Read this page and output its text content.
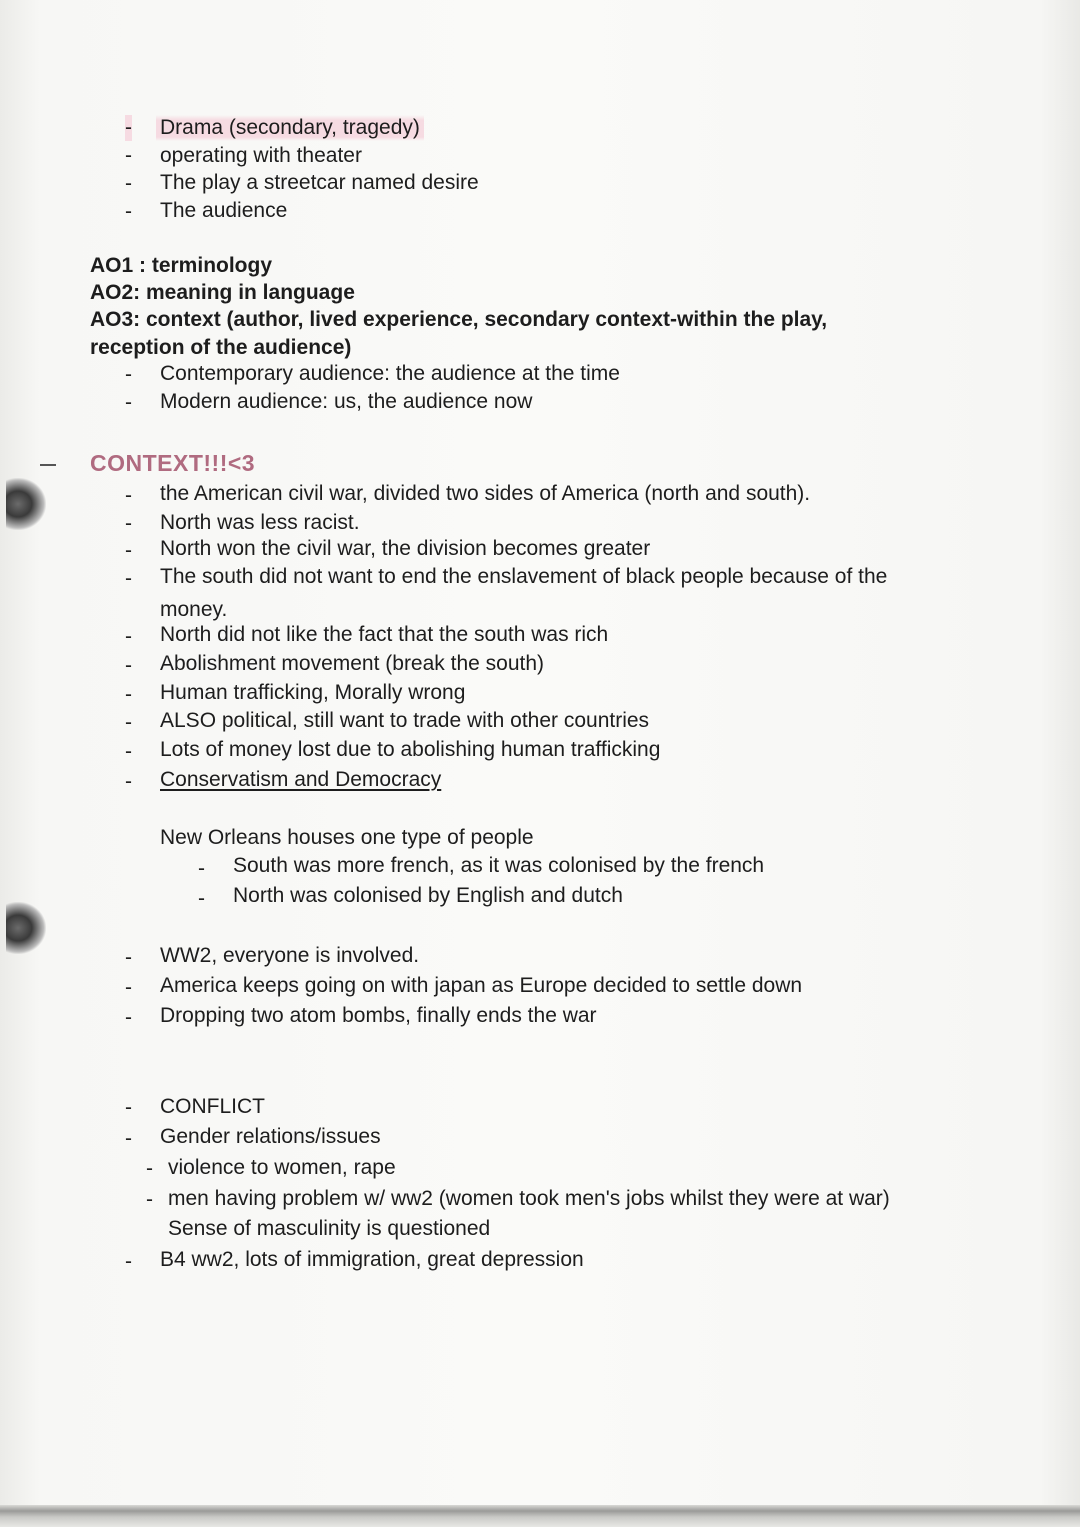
- Drama (secondary, tragedy)
- operating with theater
- The play a streetcar named desire
- The audience
AO1 : terminology
AO2: meaning in language
AO3: context (author, lived experience, secondary context-within the play,
reception of the audience)
- Contemporary audience: the audience at the time
- Modern audience: us, the audience now
CONTEXT!!!<3
- the American civil war, divided two sides of America (north and south).
- North was less racist.
- North won the civil war, the division becomes greater
- The south did not want to end the enslavement of black people because of the
money.
- North did not like the fact that the south was rich
- Abolishment movement (break the south)
- Human trafficking, Morally wrong
- ALSO political, still want to trade with other countries
- Lots of money lost due to abolishing human trafficking
- Conservatism and Democracy
New Orleans houses one type of people
- South was more french, as it was colonised by the french
- North was colonised by English and dutch
- WW2, everyone is involved.
- America keeps going on with japan as Europe decided to settle down
- Dropping two atom bombs, finally ends the war
- CONFLICT
- Gender relations/issues
- violence to women, rape
- men having problem w/ ww2 (women took men's jobs whilst they were at war)
Sense of masculinity is questioned
- B4 ww2, lots of immigration, great depression
